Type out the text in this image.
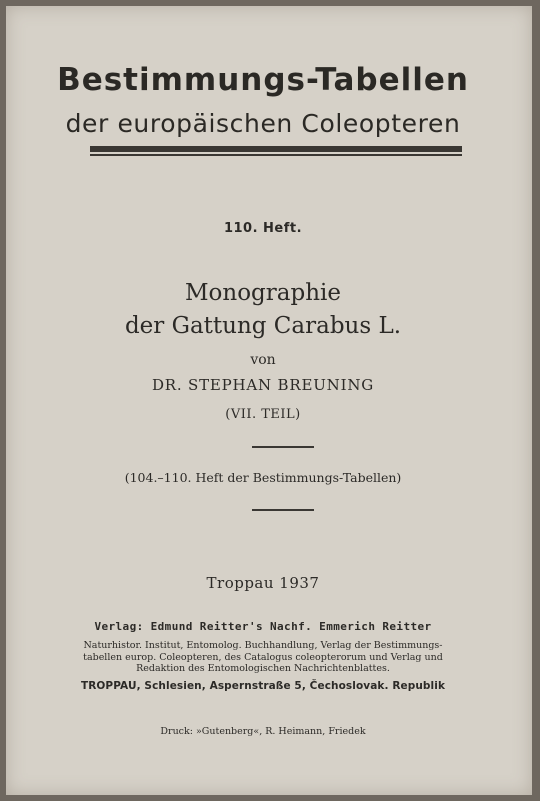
Bestimmungs-Tabellen
der europäischen Coleopteren
110. Heft.
Monographie
der Gattung Carabus L.
von
DR. STEPHAN BREUNING
(VII. TEIL)
(104.–110. Heft der Bestimmungs-Tabellen)
Troppau 1937
Verlag: Edmund Reitter's Nachf. Emmerich Reitter
Naturhistor. Institut, Entomolog. Buchhandlung, Verlag der Bestimmungs-
tabellen europ. Coleopteren, des Catalogus coleopterorum und Verlag und
Redaktion des Entomologischen Nachrichtenblattes.
TROPPAU, Schlesien, Aspernstraße 5, Čechoslovak. Republik
Druck: »Gutenberg«, R. Heimann, Friedek
